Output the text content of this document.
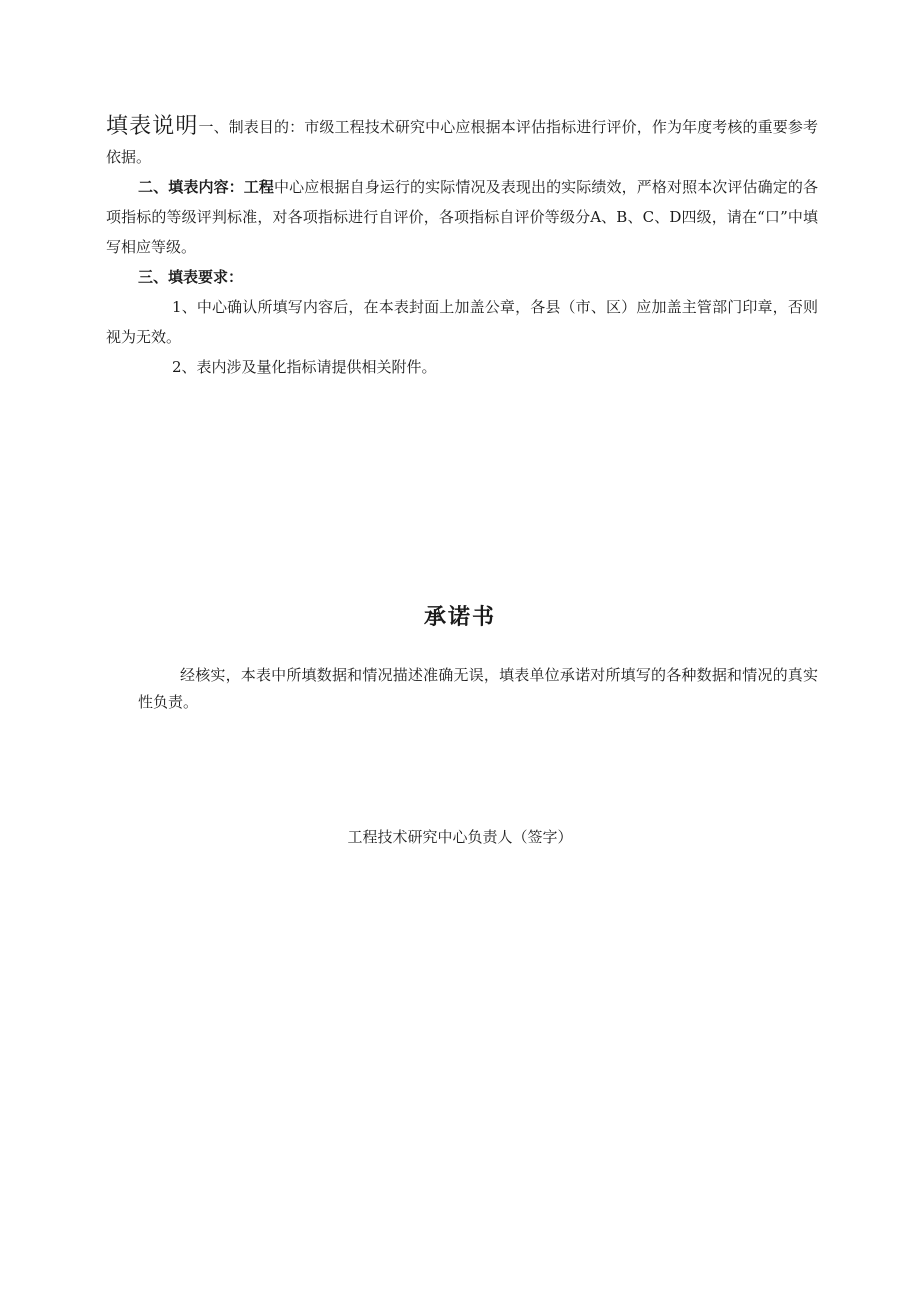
填表说明一、制表目的：市级工程技术研究中心应根据本评估指标进行评价，作为年度考核的重要参考依据。

二、填表内容：工程中心应根据自身运行的实际情况及表现出的实际绩效，严格对照本次评估确定的各项指标的等级评判标准，对各项指标进行自评价，各项指标自评价等级分A、B、C、D四级，请在“口”中填写相应等级。

三、填表要求：

1、中心确认所填写内容后，在本表封面上加盖公章，各县（市、区）应加盖主管部门印章，否则视为无效。

2、表内涉及量化指标请提供相关附件。

承诺书

经核实，本表中所填数据和情况描述准确无误，填表单位承诺对所填写的各种数据和情况的真实性负责。

工程技术研究中心负责人（签字）
